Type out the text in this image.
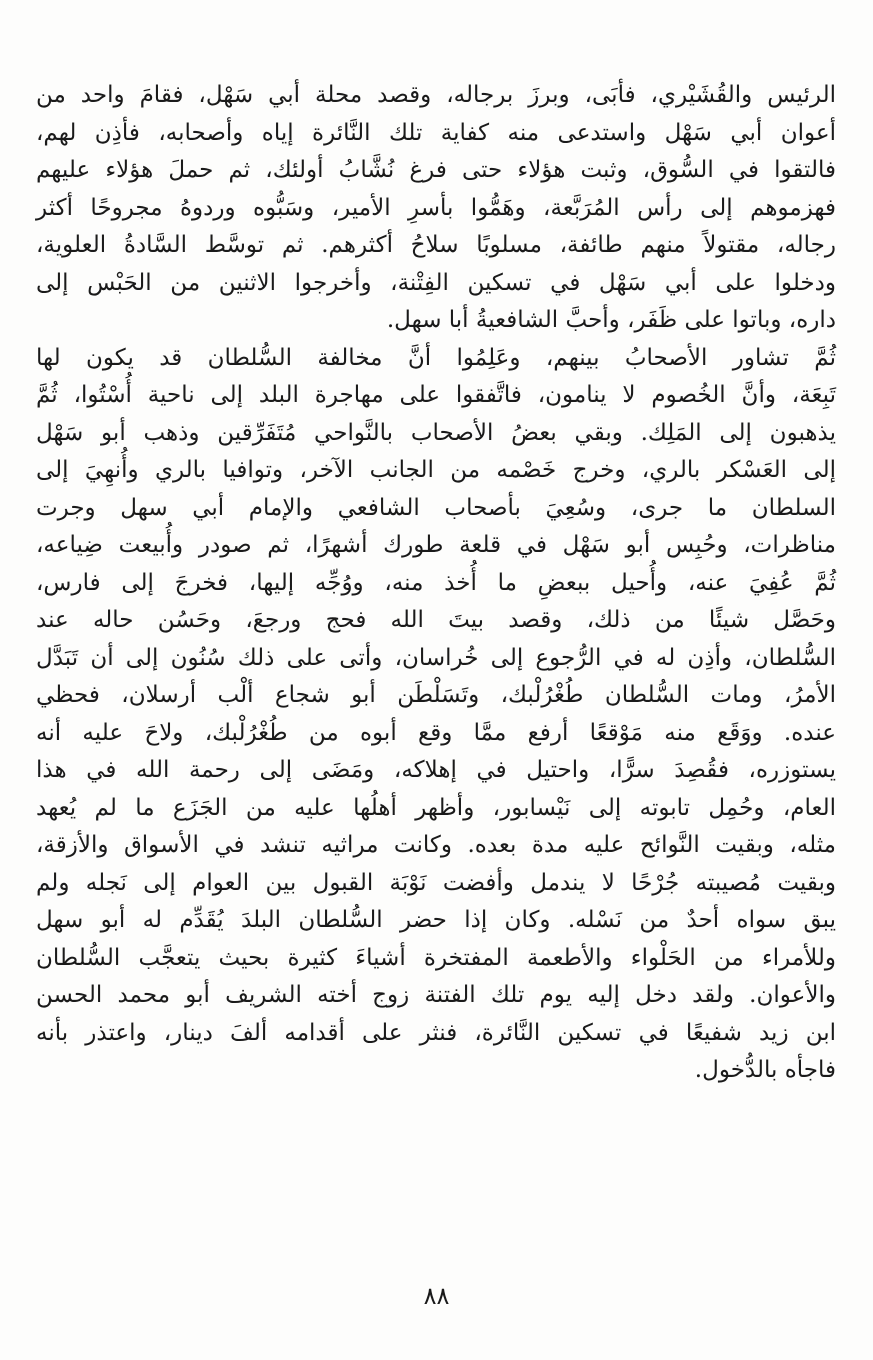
الرئيس والقُشَيْري، فأبَى، وبرزَ برجاله، وقصد محلة أبي سَهْل، فقامَ واحد من
أعوان أبي سَهْل واستدعى منه كفاية تلك النَّائرة إياه وأصحابه، فأذِن لهم،
فالتقوا في السُّوق، وثبت هؤلاء حتى فرغ نُشَّابُ أولئك، ثم حملَ هؤلاء عليهم
فهزموهم إلى رأس المُرَبَّعة، وهَمُّوا بأسرِ الأمير، وسَبُّوه وردوهُ مجروحًا أكثر
رجاله، مقتولاً منهم طائفة، مسلوبًا سلاحُ أكثرهم. ثم توسَّط السَّادةُ العلوية،
ودخلوا على أبي سَهْل في تسكين الفِتْنة، وأخرجوا الاثنين من الحَبْس إلى
داره، وباتوا على ظَفَر، وأحبَّ الشافعيةُ أبا سهل.
ثُمَّ تشاور الأصحابُ بينهم، وعَلِمُوا أنَّ مخالفة السُّلطان قد يكون لها
تَبِعَة، وأنَّ الخُصوم لا ينامون، فاتَّفقوا على مهاجرة البلد إلى ناحية أُسْتُوا، ثُمَّ
يذهبون إلى المَلِك. وبقي بعضُ الأصحاب بالنَّواحي مُتَفَرِّقين وذهب أبو سَهْل
إلى العَسْكر بالري، وخرج خَصْمه من الجانب الآخر، وتوافيا بالري وأُنهِيَ إلى
السلطان ما جرى، وسُعِيَ بأصحاب الشافعي والإمام أبي سهل وجرت
مناظرات، وحُبِس أبو سَهْل في قلعة طورك أشهرًا، ثم صودر وأُبيعت ضِياعه،
ثُمَّ عُفِيَ عنه، وأُحيل ببعضِ ما أُخذ منه، ووُجِّه إليها، فخرجَ إلى فارس،
وحَصَّل شيئًا من ذلك، وقصد بيتَ الله فحج ورجعَ، وحَسُن حاله عند
السُّلطان، وأذِن له في الرُّجوع إلى خُراسان، وأتى على ذلك سُنُون إلى أن تَبَدَّل
الأمرُ، ومات السُّلطان طُغْرُلْبك، وتَسَلْطَن أبو شجاع ألْب أرسلان، فحظي
عنده. ووَقَع منه مَوْقعًا أرفع ممَّا وقع أبوه من طُغْرُلْبك، ولاحَ عليه أنه
يستوزره، فقُصِدَ سرًّا، واحتيل في إهلاكه، ومَضَى إلى رحمة الله في هذا
العام، وحُمِل تابوته إلى نَيْسابور، وأظهر أهلُها عليه من الجَزَع ما لم يُعهد
مثله، وبقيت النَّوائح عليه مدة بعده. وكانت مراثيه تنشد في الأسواق والأزقة،
وبقيت مُصيبته جُرْحًا لا يندمل وأفضت نَوْبَة القبول بين العوام إلى نَجله ولم
يبق سواه أحدٌ من نَسْله. وكان إذا حضر السُّلطان البلدَ يُقَدِّم له أبو سهل
وللأمراء من الحَلْواء والأطعمة المفتخرة أشياءَ كثيرة بحيث يتعجَّب السُّلطان
والأعوان. ولقد دخل إليه يوم تلك الفتنة زوج أخته الشريف أبو محمد الحسن
ابن زيد شفيعًا في تسكين النَّائرة، فنثر على أقدامه ألفَ دينار، واعتذر بأنه
فاجأه بالدُّخول.
٨٨
